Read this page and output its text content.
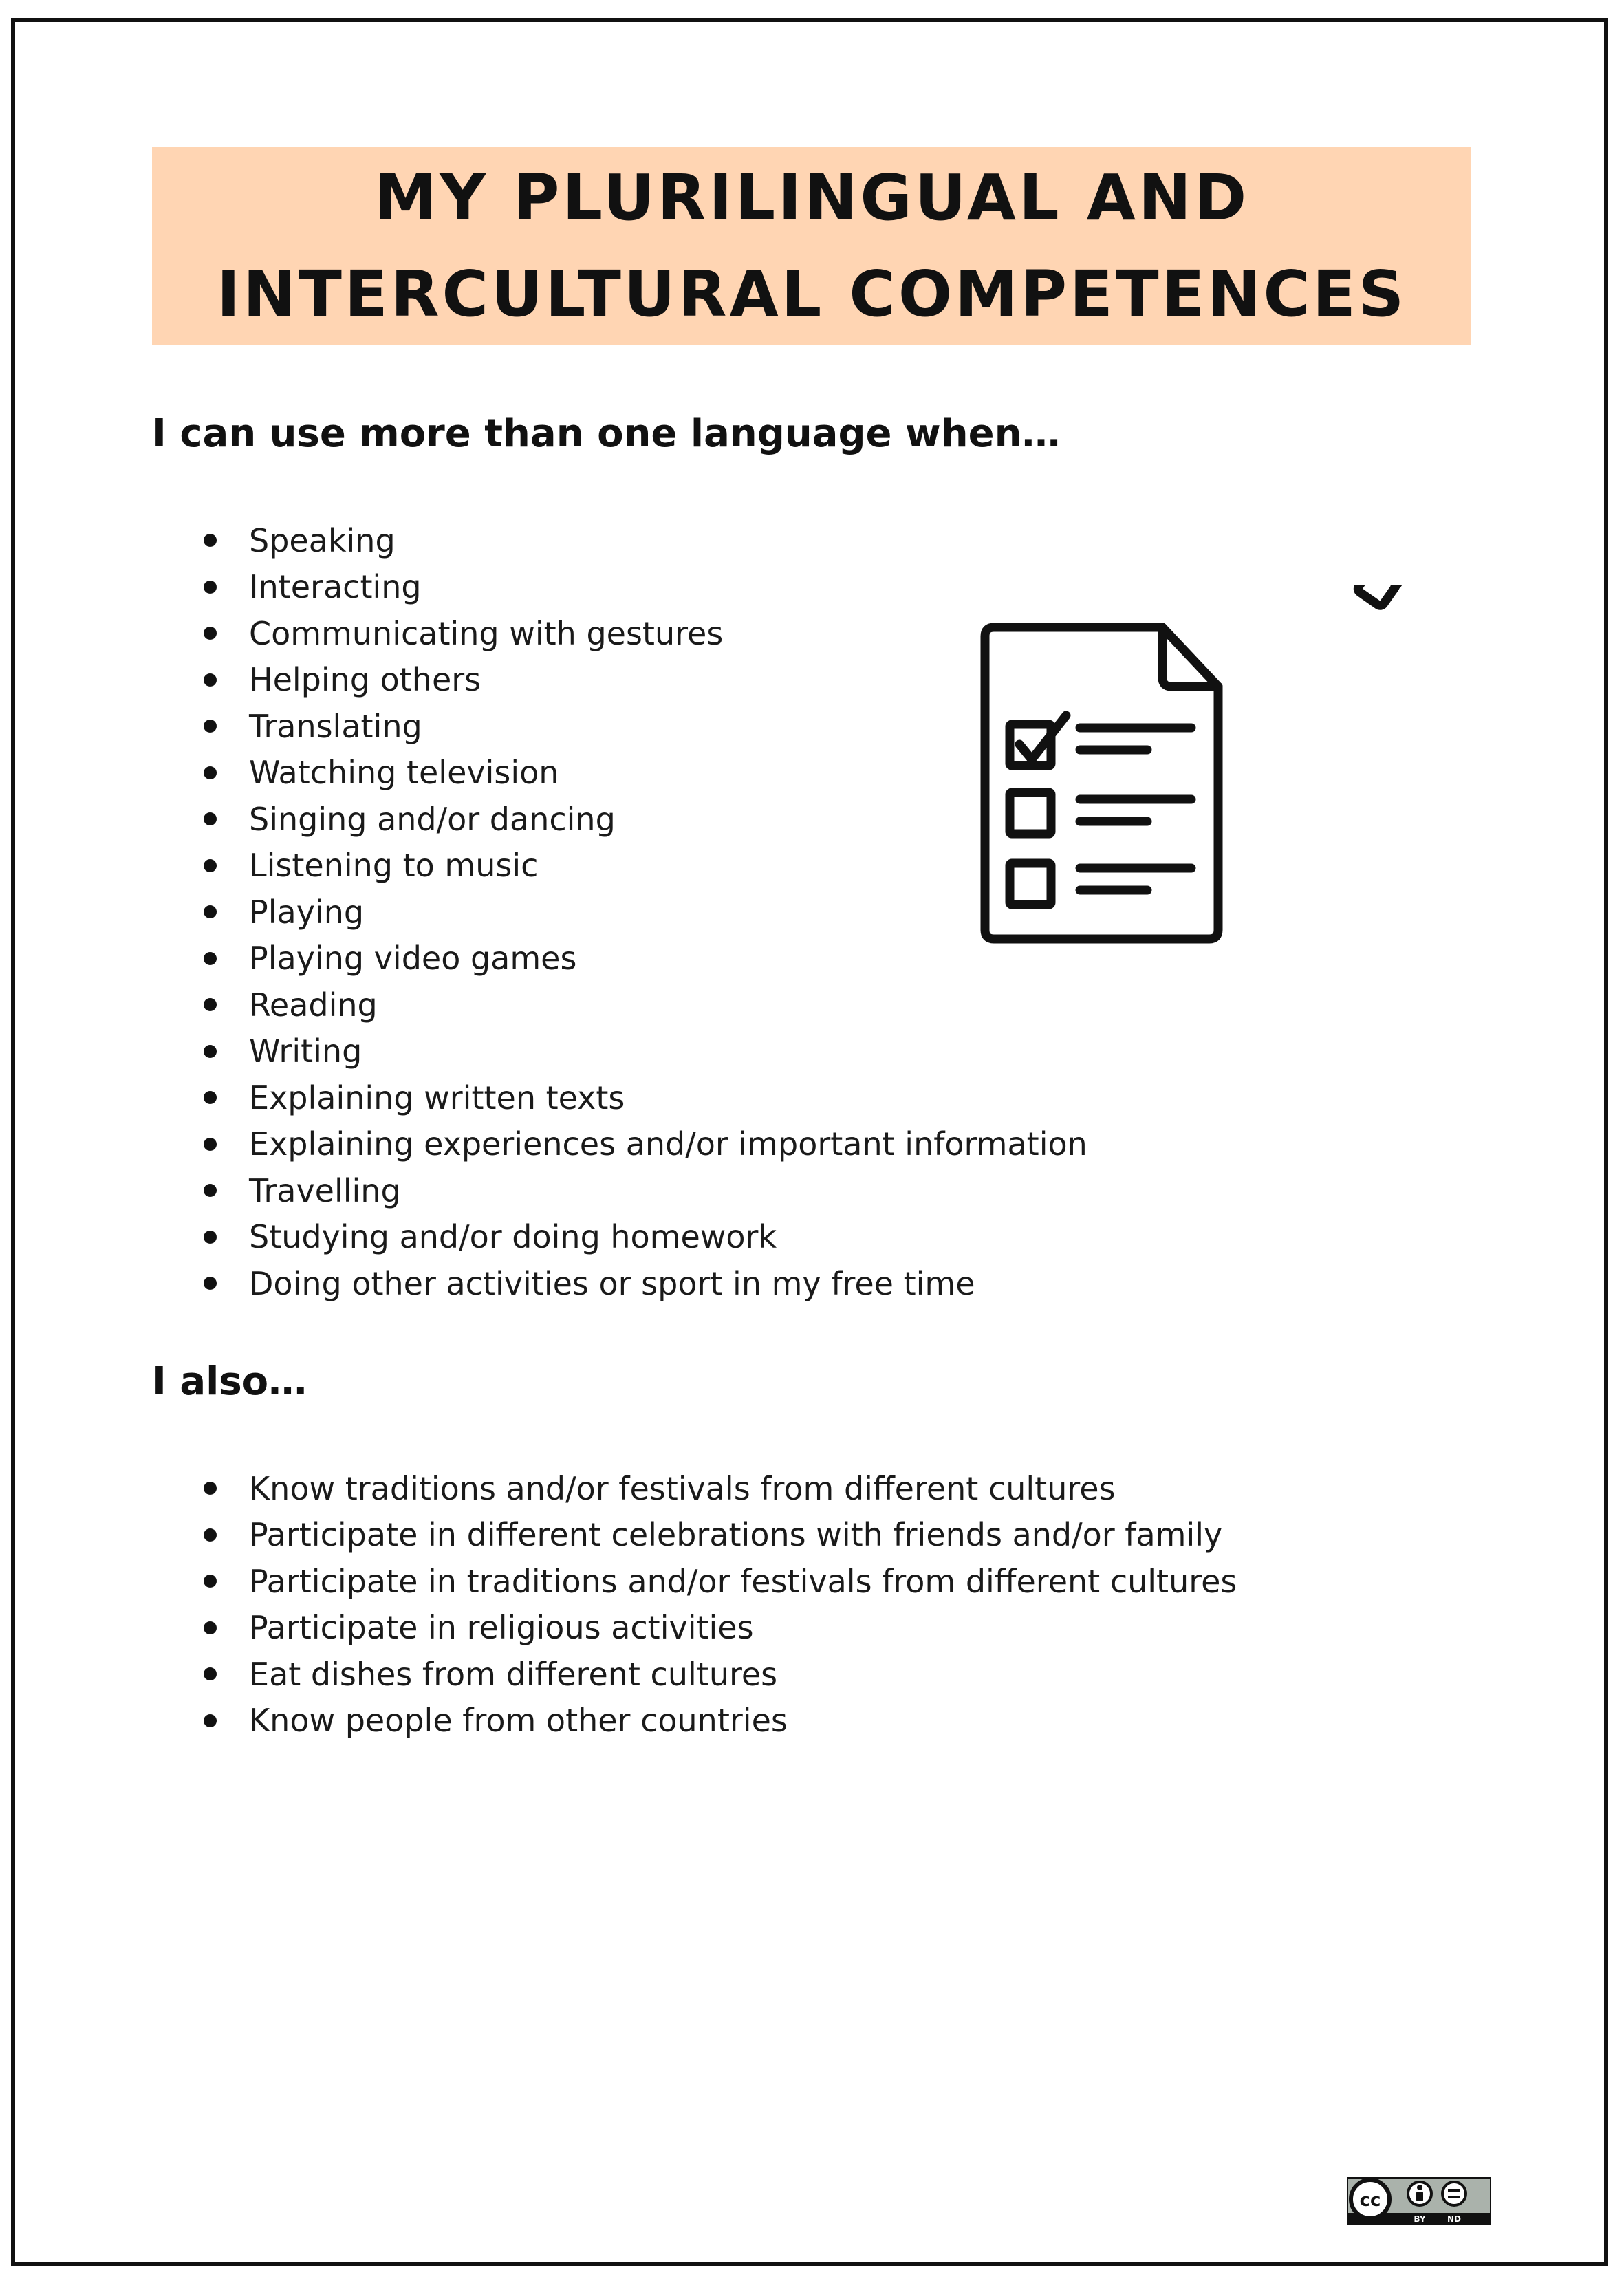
MY PLURILINGUAL AND
INTERCULTURAL COMPETENCES
I can use more than one language when…
Speaking
Interacting
Communicating with gestures
Helping others
Translating
Watching television
Singing and/or dancing
Listening to music
Playing
Playing video games
Reading
Writing
Explaining written texts
Explaining experiences and/or important information
Travelling
Studying and/or doing homework
Doing other activities or sport in my free time
I also…
Know traditions and/or festivals from different cultures
Participate in different celebrations with friends and/or family
Participate in traditions and/or festivals from different cultures
Participate in religious activities
Eat dishes from different cultures
Know people from other countries
cc
BY	ND
